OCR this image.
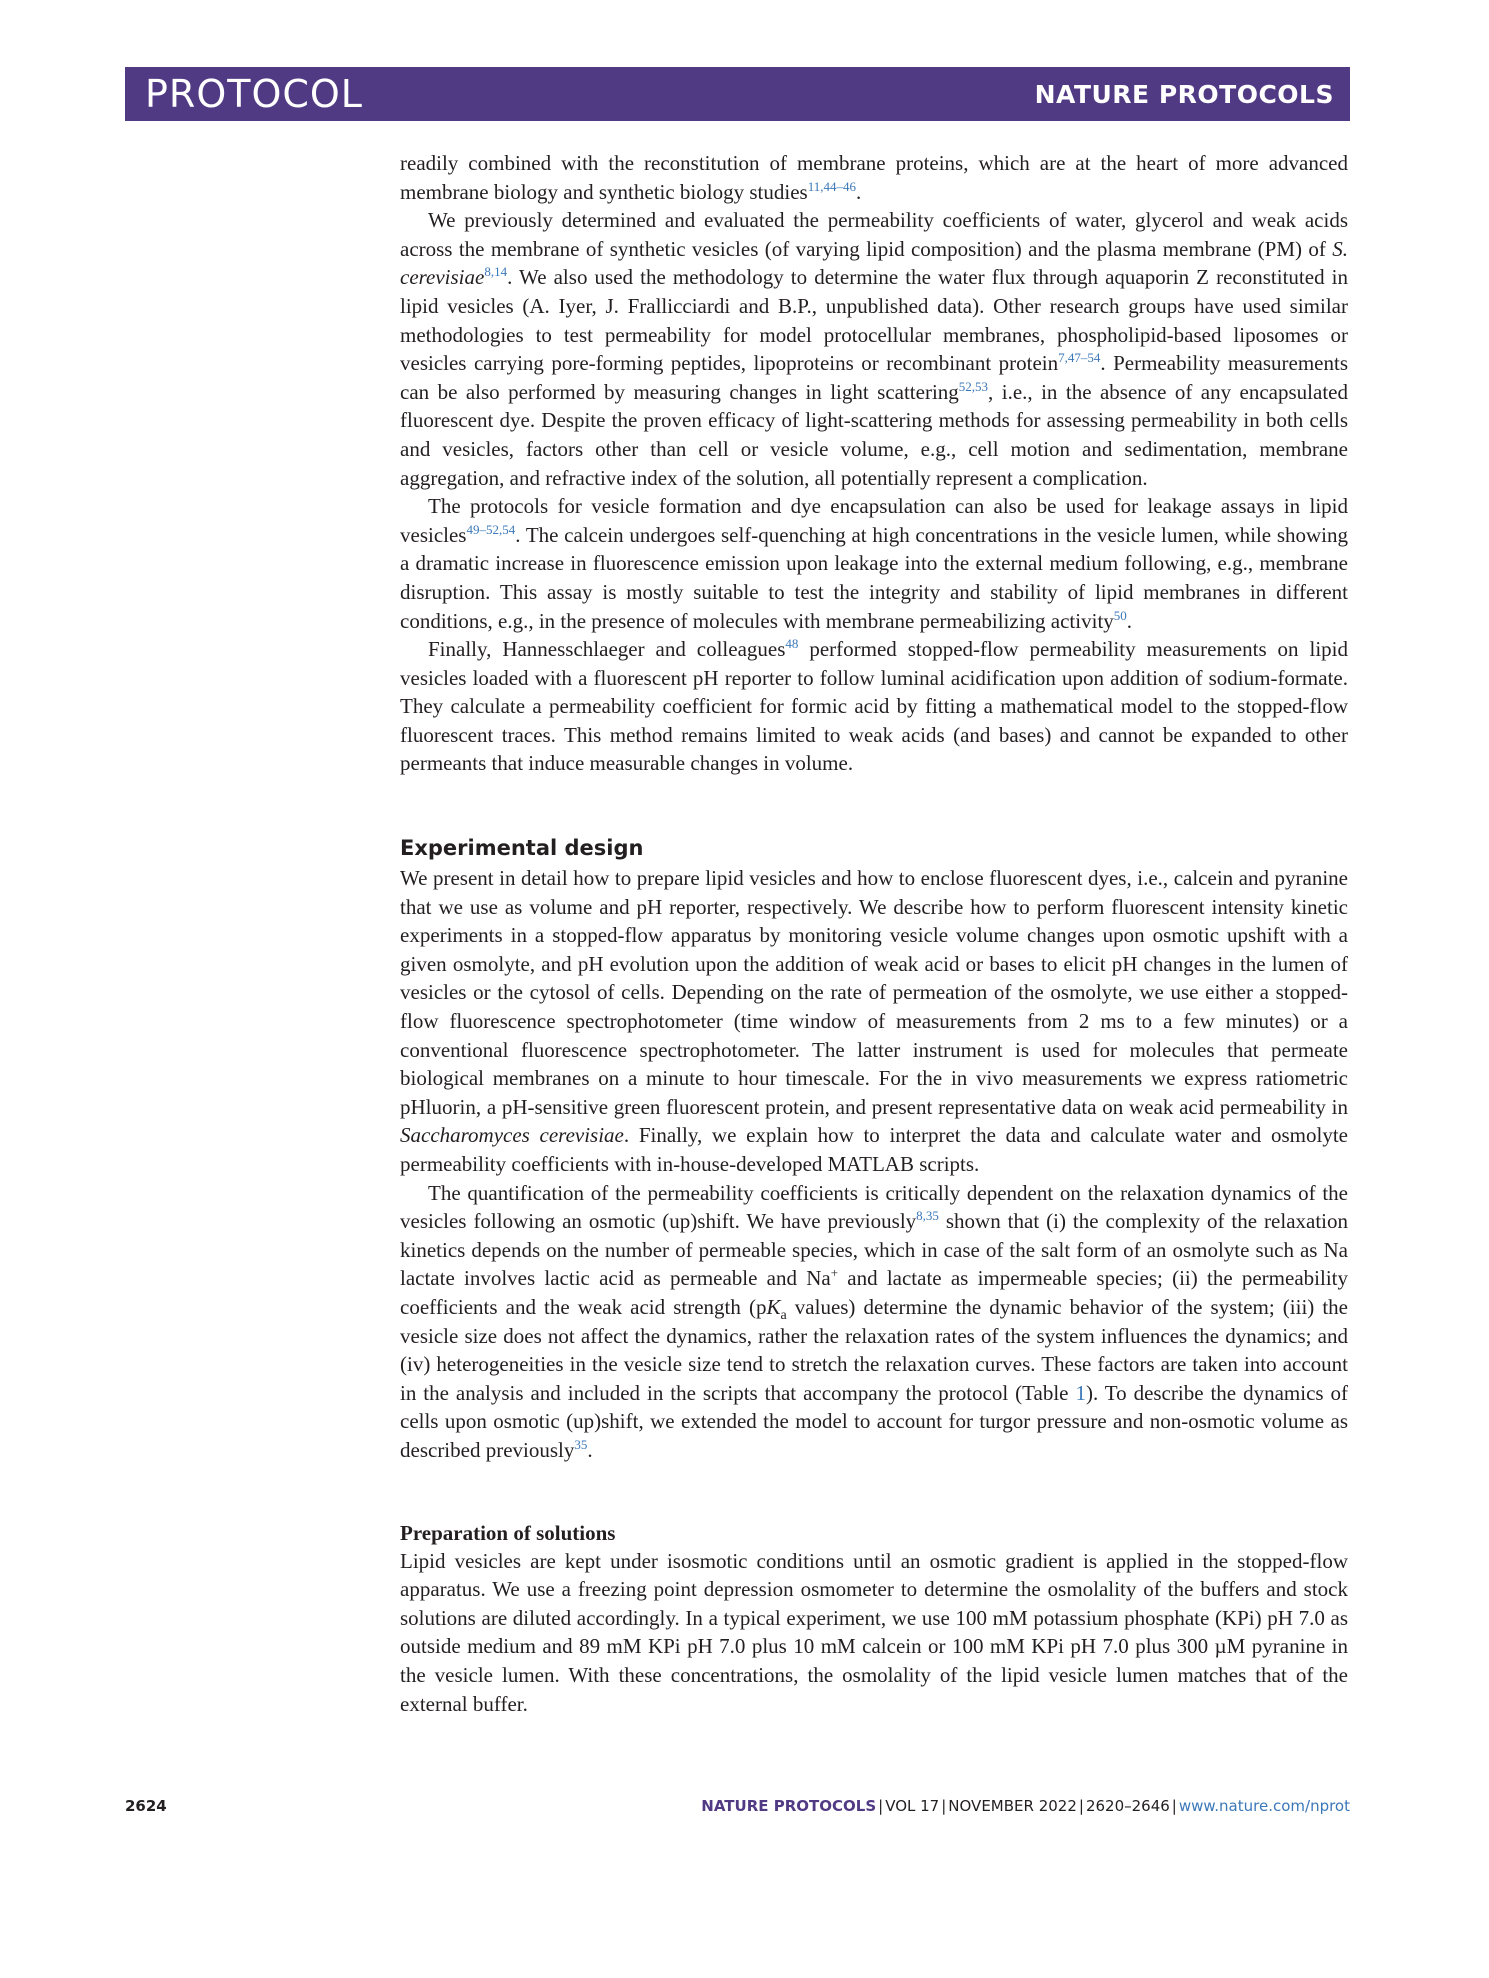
PROTOCOL	NATURE PROTOCOLS

readily combined with the reconstitution of membrane proteins, which are at the heart of more advanced membrane biology and synthetic biology studies$^{11,44-46}$.

We previously determined and evaluated the permeability coefficients of water, glycerol and weak acids across the membrane of synthetic vesicles (of varying lipid composition) and the plasma membrane (PM) of S. cerevisiae$^{8,14}$. We also used the methodology to determine the water flux through aquaporin Z reconstituted in lipid vesicles (A. Iyer, J. Frallicciardi and B.P., unpublished data). Other research groups have used similar methodologies to test permeability for model protocellular membranes, phospholipid-based liposomes or vesicles carrying pore-forming peptides, lipoproteins or recombinant protein$^{7,47-54}$. Permeability measurements can be also performed by measuring changes in light scattering$^{52,53}$, i.e., in the absence of any encapsulated fluorescent dye. Despite the proven efficacy of light-scattering methods for assessing permeability in both cells and vesicles, factors other than cell or vesicle volume, e.g., cell motion and sedimentation, membrane aggregation, and refractive index of the solution, all potentially represent a complication.

The protocols for vesicle formation and dye encapsulation can also be used for leakage assays in lipid vesicles$^{49-52,54}$. The calcein undergoes self-quenching at high concentrations in the vesicle lumen, while showing a dramatic increase in fluorescence emission upon leakage into the external medium following, e.g., membrane disruption. This assay is mostly suitable to test the integrity and stability of lipid membranes in different conditions, e.g., in the presence of molecules with membrane permeabilizing activity$^{50}$.

Finally, Hannesschlaeger and colleagues$^{48}$ performed stopped-flow permeability measurements on lipid vesicles loaded with a fluorescent pH reporter to follow luminal acidification upon addition of sodium-formate. They calculate a permeability coefficient for formic acid by fitting a mathematical model to the stopped-flow fluorescent traces. This method remains limited to weak acids (and bases) and cannot be expanded to other permeants that induce measurable changes in volume.

Experimental design

We present in detail how to prepare lipid vesicles and how to enclose fluorescent dyes, i.e., calcein and pyranine that we use as volume and pH reporter, respectively. We describe how to perform fluorescent intensity kinetic experiments in a stopped-flow apparatus by monitoring vesicle volume changes upon osmotic upshift with a given osmolyte, and pH evolution upon the addition of weak acid or bases to elicit pH changes in the lumen of vesicles or the cytosol of cells. Depending on the rate of permeation of the osmolyte, we use either a stopped-flow fluorescence spectrophotometer (time window of measurements from 2 ms to a few minutes) or a conventional fluorescence spectrophotometer. The latter instrument is used for molecules that permeate biological membranes on a minute to hour timescale. For the in vivo measurements we express ratiometric pHluorin, a pH-sensitive green fluorescent protein, and present representative data on weak acid permeability in Saccharomyces cerevisiae. Finally, we explain how to interpret the data and calculate water and osmolyte permeability coefficients with in-house-developed MATLAB scripts.

The quantification of the permeability coefficients is critically dependent on the relaxation dynamics of the vesicles following an osmotic (up)shift. We have previously$^{8,35}$ shown that (i) the complexity of the relaxation kinetics depends on the number of permeable species, which in case of the salt form of an osmolyte such as Na lactate involves lactic acid as permeable and Na+ and lactate as impermeable species; (ii) the permeability coefficients and the weak acid strength ($pK_a$ values) determine the dynamic behavior of the system; (iii) the vesicle size does not affect the dynamics, rather the relaxation rates of the system influences the dynamics; and (iv) heterogeneities in the vesicle size tend to stretch the relaxation curves. These factors are taken into account in the analysis and included in the scripts that accompany the protocol (Table 1). To describe the dynamics of cells upon osmotic (up)shift, we extended the model to account for turgor pressure and non-osmotic volume as described previously$^{35}$.

Preparation of solutions

Lipid vesicles are kept under isosmotic conditions until an osmotic gradient is applied in the stopped-flow apparatus. We use a freezing point depression osmometer to determine the osmolality of the buffers and stock solutions are diluted accordingly. In a typical experiment, we use 100 mM potassium phosphate (KPi) pH 7.0 as outside medium and 89 mM KPi pH 7.0 plus 10 mM calcein or 100 mM KPi pH 7.0 plus 300 µM pyranine in the vesicle lumen. With these concentrations, the osmolality of the lipid vesicle lumen matches that of the external buffer.

2624	NATURE PROTOCOLS | VOL 17 | NOVEMBER 2022 | 2620–2646 | www.nature.com/nprot
